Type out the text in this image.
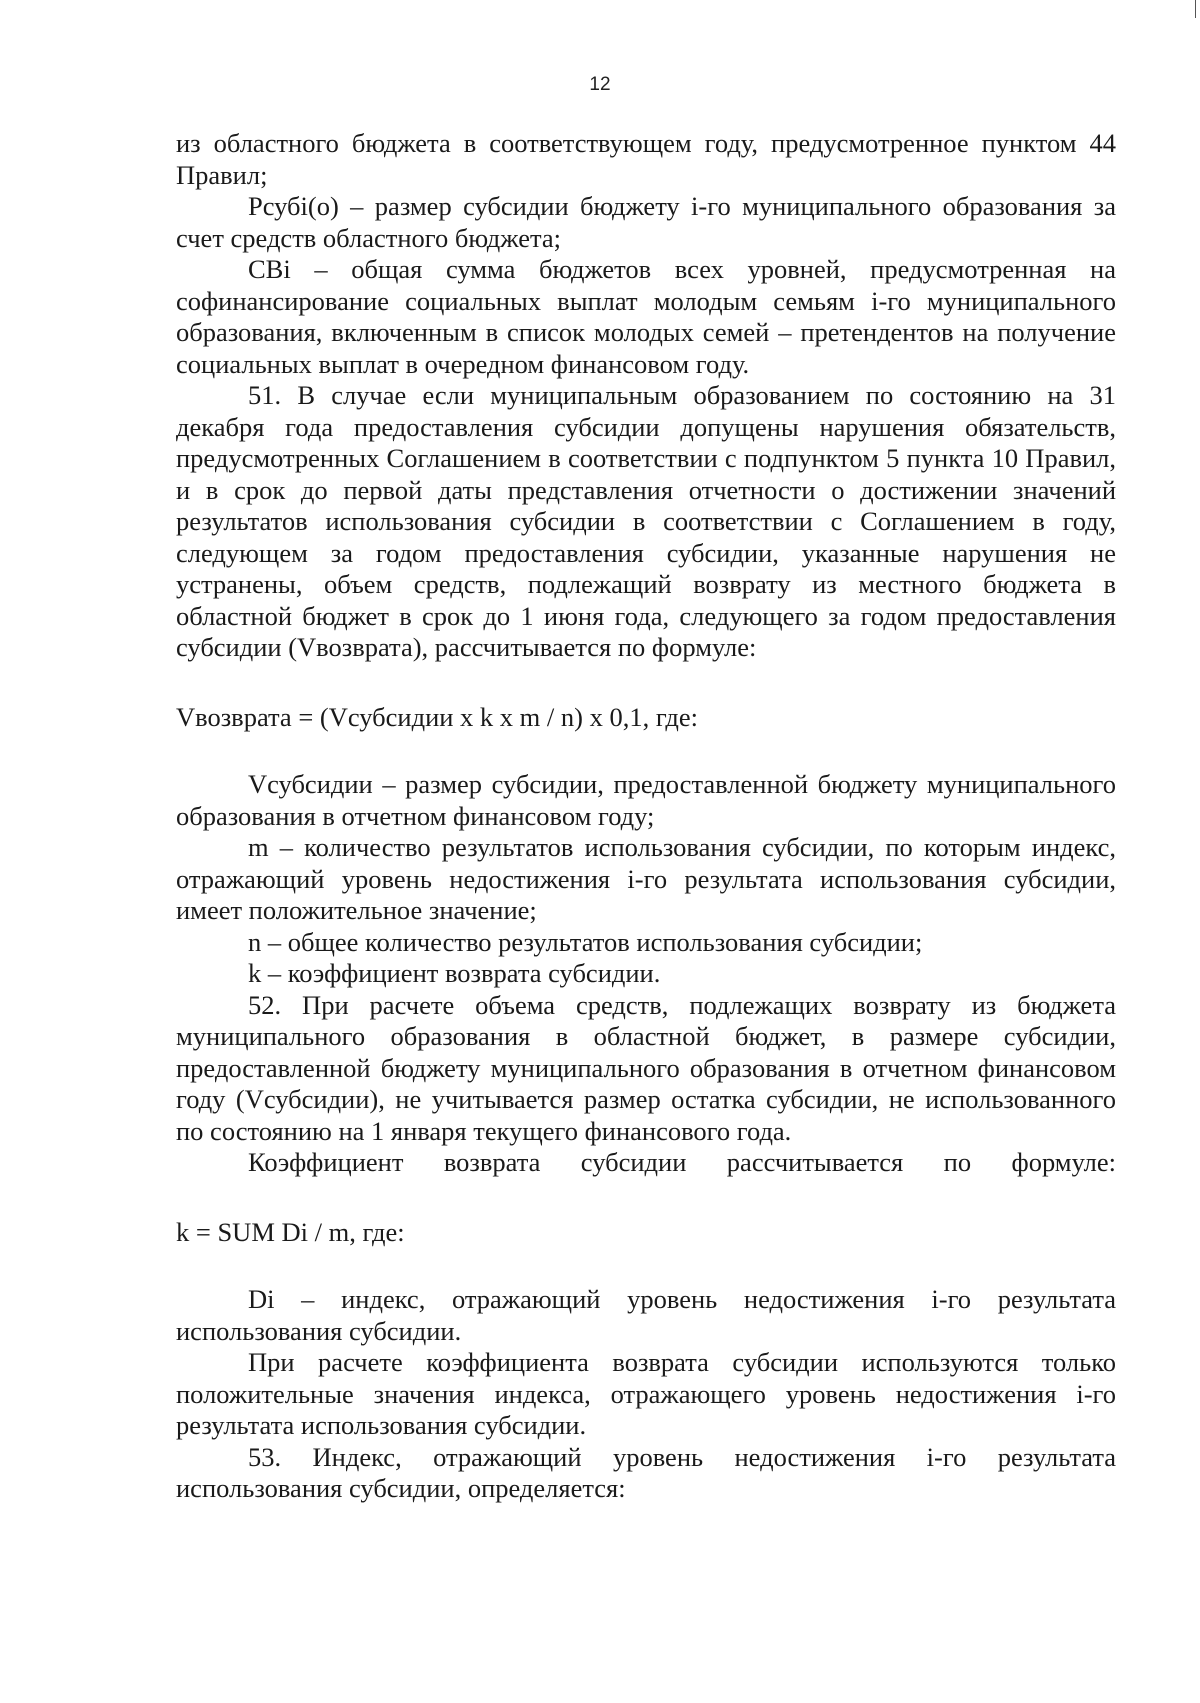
12

из областного бюджета в соответствующем году, предусмотренное пунктом 44 Правил;

Рсубi(о) – размер субсидии бюджету i-го муниципального образования за счет средств областного бюджета;

СВi – общая сумма бюджетов всех уровней, предусмотренная на софинансирование социальных выплат молодым семьям i-го муниципального образования, включенным в список молодых семей – претендентов на получение социальных выплат в очередном финансовом году.

51. В случае если муниципальным образованием по состоянию на 31 декабря года предоставления субсидии допущены нарушения обязательств, предусмотренных Соглашением в соответствии с подпунктом 5 пункта 10 Правил, и в срок до первой даты представления отчетности о достижении значений результатов использования субсидии в соответствии с Соглашением в году, следующем за годом предоставления субсидии, указанные нарушения не устранены, объем средств, подлежащий возврату из местного бюджета в областной бюджет в срок до 1 июня года, следующего за годом предоставления субсидии (Vвозврата), рассчитывается по формуле:

Vвозврата = (Vсубсидии x k x m / n) x 0,1, где:

Vсубсидии – размер субсидии, предоставленной бюджету муниципального образования в отчетном финансовом году;

m – количество результатов использования субсидии, по которым индекс, отражающий уровень недостижения i-го результата использования субсидии, имеет положительное значение;

n – общее количество результатов использования субсидии;

k – коэффициент возврата субсидии.

52. При расчете объема средств, подлежащих возврату из бюджета муниципального образования в областной бюджет, в размере субсидии, предоставленной бюджету муниципального образования в отчетном финансовом году (Vсубсидии), не учитывается размер остатка субсидии, не использованного по состоянию на 1 января текущего финансового года.

Коэффициент возврата субсидии рассчитывается по формуле:

k = SUM Di / m, где:

Di – индекс, отражающий уровень недостижения i-го результата использования субсидии.

При расчете коэффициента возврата субсидии используются только положительные значения индекса, отражающего уровень недостижения i-го результата использования субсидии.

53. Индекс, отражающий уровень недостижения i-го результата использования субсидии, определяется:
